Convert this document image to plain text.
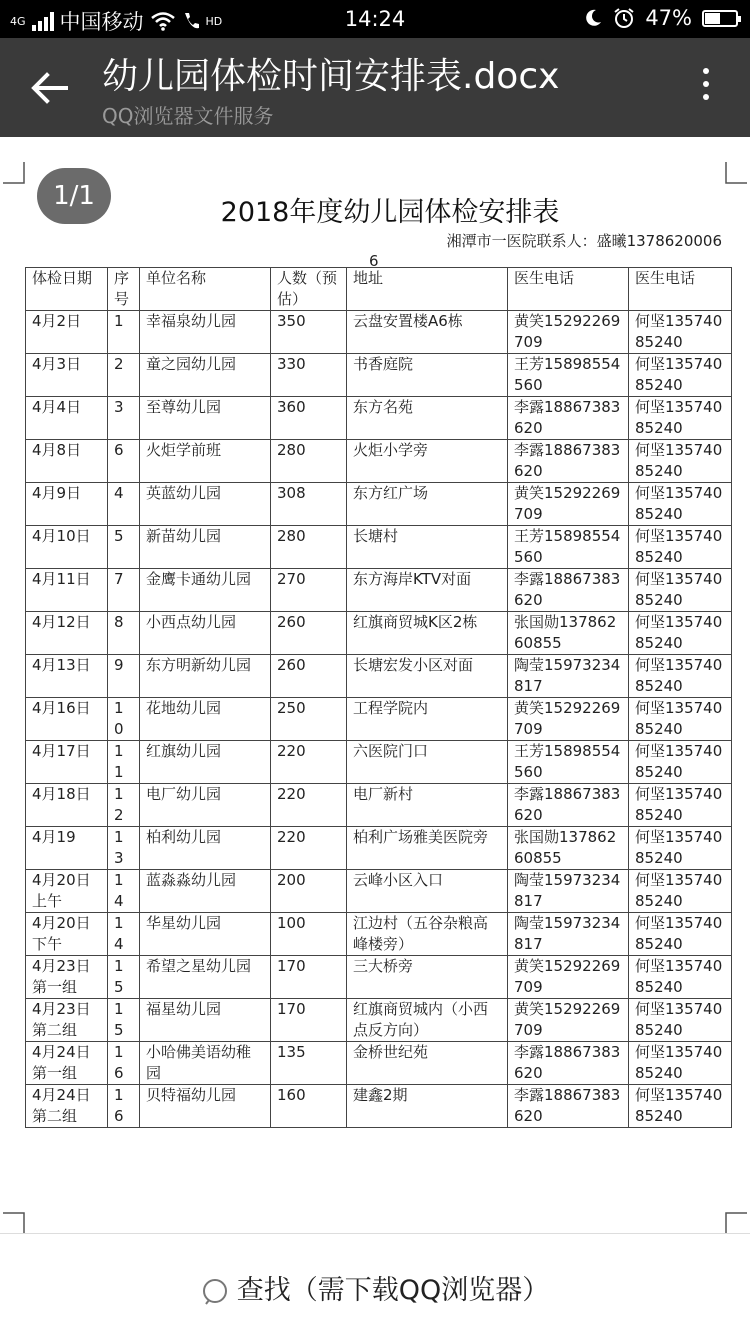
4G 中国移动	HD	14:24	47%
幼儿园体检时间安排表.docx
QQ浏览器文件服务
1/1
2018年度幼儿园体检安排表
湘潭市一医院联系人：盛曦1378620006
6
体检日期	序号	单位名称	人数（预估）	地址	医生电话	医生电话
4月2日	1	幸福泉幼儿园	350	云盘安置楼A6栋	黄笑15292269709	何坚13574085240
4月3日	2	童之园幼儿园	330	书香庭院	王芳15898554560	何坚13574085240
4月4日	3	至尊幼儿园	360	东方名苑	李露18867383620	何坚13574085240
4月8日	6	火炬学前班	280	火炬小学旁	李露18867383620	何坚13574085240
4月9日	4	英蓝幼儿园	308	东方红广场	黄笑15292269709	何坚13574085240
4月10日	5	新苗幼儿园	280	长塘村	王芳15898554560	何坚13574085240
4月11日	7	金鹰卡通幼儿园	270	东方海岸KTV对面	李露18867383620	何坚13574085240
4月12日	8	小西点幼儿园	260	红旗商贸城K区2栋	张国勋13786260855	何坚13574085240
4月13日	9	东方明新幼儿园	260	长塘宏发小区对面	陶莹15973234817	何坚13574085240
4月16日	10	花地幼儿园	250	工程学院内	黄笑15292269709	何坚13574085240
4月17日	11	红旗幼儿园	220	六医院门口	王芳15898554 560	何坚13574085240
4月18日	12	电厂幼儿园	220	电厂新村	李露18867383620	何坚13574085240
4月19	13	柏利幼儿园	220	柏利广场雅美医院旁	张国勋13786260855	何坚13574085240
4月20日上午	14	蓝淼淼幼儿园	200	云峰小区入口	陶莹15973234817	何坚13574085240
4月20日下午	14	华星幼儿园	100	江边村（五谷杂粮高峰楼旁）	陶莹15973234817	何坚13574085240
4月23日第一组	15	希望之星幼儿园	170	三大桥旁	黄笑15292269709	何坚13574085240
4月23日第二组	15	福星幼儿园	170	红旗商贸城内（小西点反方向）	黄笑15292269709	何坚13574085240
4月24日第一组	16	小哈佛美语幼稚园	135	金桥世纪苑	李露18867383620	何坚13574085240
4月24日第二组	16	贝特福幼儿园	160	建鑫2期	李露18867383620	何坚13574085240
查找（需下载QQ浏览器）
